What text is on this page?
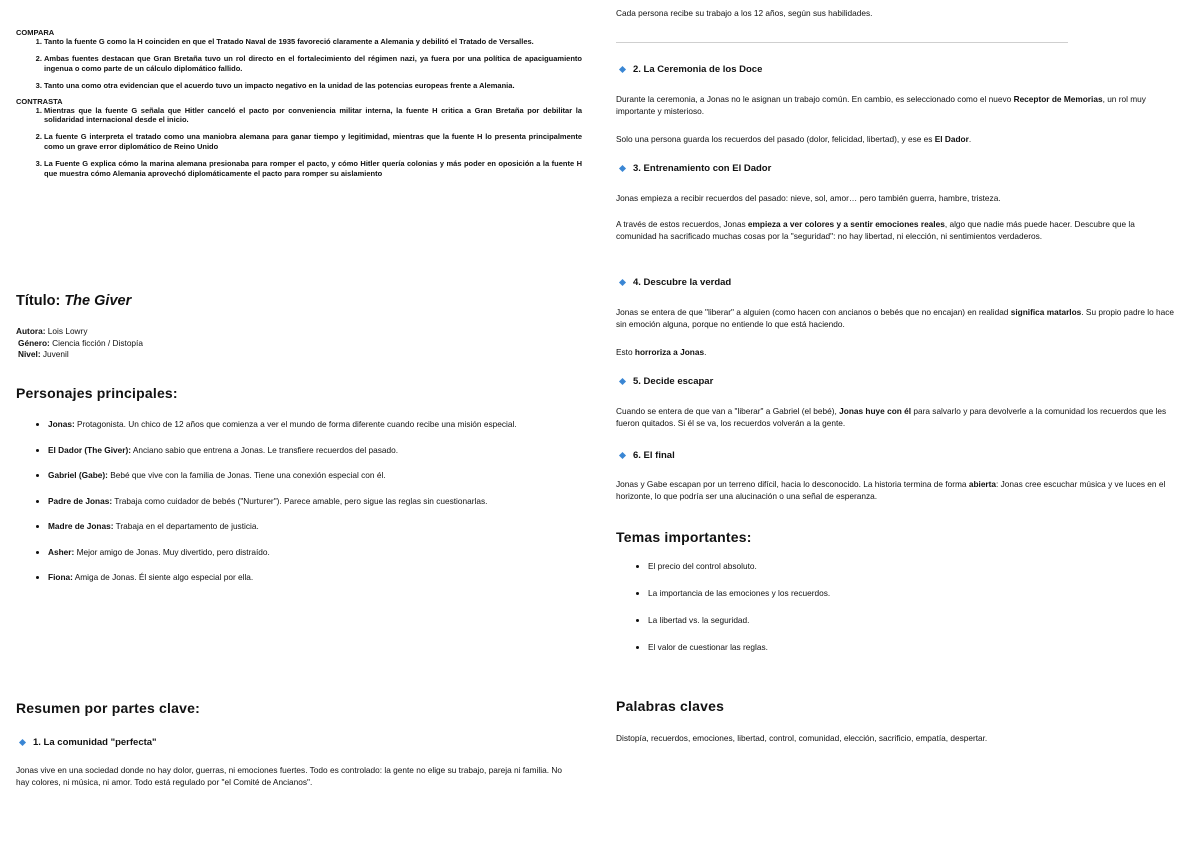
COMPARA

1. Tanto la fuente G como la H coinciden en que el Tratado Naval de 1935 favoreció claramente a Alemania y debilitó el Tratado de Versalles.
2. Ambas fuentes destacan que Gran Bretaña tuvo un rol directo en el fortalecimiento del régimen nazi, ya fuera por una política de apaciguamiento ingenua o como parte de un cálculo diplomático fallido.
3. Tanto una como otra evidencian que el acuerdo tuvo un impacto negativo en la unidad de las potencias europeas frente a Alemania.

CONTRASTA

1. Mientras que la fuente G señala que Hitler canceló el pacto por conveniencia militar interna, la fuente H critica a Gran Bretaña por debilitar la solidaridad internacional desde el inicio.
2. La fuente G interpreta el tratado como una maniobra alemana para ganar tiempo y legitimidad, mientras que la fuente H lo presenta principalmente como un grave error diplomático de Reino Unido
3. La Fuente G explica cómo la marina alemana presionaba para romper el pacto, y cómo Hitler quería colonias y más poder en oposición a la fuente H que muestra cómo Alemania aprovechó diplomáticamente el pacto para romper su aislamiento
Título: The Giver
Autora: Lois Lowry
Género: Ciencia ficción / Distopía
Nivel: Juvenil
Personajes principales:
• Jonas: Protagonista. Un chico de 12 años que comienza a ver el mundo de forma diferente cuando recibe una misión especial.
• El Dador (The Giver): Anciano sabio que entrena a Jonas. Le transfiere recuerdos del pasado.
• Gabriel (Gabe): Bebé que vive con la familia de Jonas. Tiene una conexión especial con él.
• Padre de Jonas: Trabaja como cuidador de bebés ("Nurturer"). Parece amable, pero sigue las reglas sin cuestionarlas.
• Madre de Jonas: Trabaja en el departamento de justicia.
• Asher: Mejor amigo de Jonas. Muy divertido, pero distraído.
• Fiona: Amiga de Jonas. Él siente algo especial por ella.
Resumen por partes clave:
1. La comunidad "perfecta"

Jonas vive en una sociedad donde no hay dolor, guerras, ni emociones fuertes. Todo es controlado: la gente no elige su trabajo, pareja ni familia. No hay colores, ni música, ni amor. Todo está regulado por "el Comité de Ancianos".

Cada persona recibe su trabajo a los 12 años, según sus habilidades.

2. La Ceremonia de los Doce

Durante la ceremonia, a Jonas no le asignan un trabajo común. En cambio, es seleccionado como el nuevo Receptor de Memorias, un rol muy importante y misterioso.

Solo una persona guarda los recuerdos del pasado (dolor, felicidad, libertad), y ese es El Dador.

3. Entrenamiento con El Dador

Jonas empieza a recibir recuerdos del pasado: nieve, sol, amor… pero también guerra, hambre, tristeza.

A través de estos recuerdos, Jonas empieza a ver colores y a sentir emociones reales, algo que nadie más puede hacer. Descubre que la comunidad ha sacrificado muchas cosas por la "seguridad": no hay libertad, ni elección, ni sentimientos verdaderos.

4. Descubre la verdad

Jonas se entera de que "liberar" a alguien (como hacen con ancianos o bebés que no encajan) en realidad significa matarlos. Su propio padre lo hace sin emoción alguna, porque no entiende lo que está haciendo.

Esto horroriza a Jonas.

5. Decide escapar

Cuando se entera de que van a "liberar" a Gabriel (el bebé), Jonas huye con él para salvarlo y para devolverle a la comunidad los recuerdos que les fueron quitados. Si él se va, los recuerdos volverán a la gente.

6. El final

Jonas y Gabe escapan por un terreno difícil, hacia lo desconocido. La historia termina de forma abierta: Jonas cree escuchar música y ve luces en el horizonte, lo que podría ser una alucinación o una señal de esperanza.

Temas importantes:
• El precio del control absoluto.
• La importancia de las emociones y los recuerdos.
• La libertad vs. la seguridad.
• El valor de cuestionar las reglas.
Palabras claves

Distopía, recuerdos, emociones, libertad, control, comunidad, elección, sacrificio, empatía, despertar.
